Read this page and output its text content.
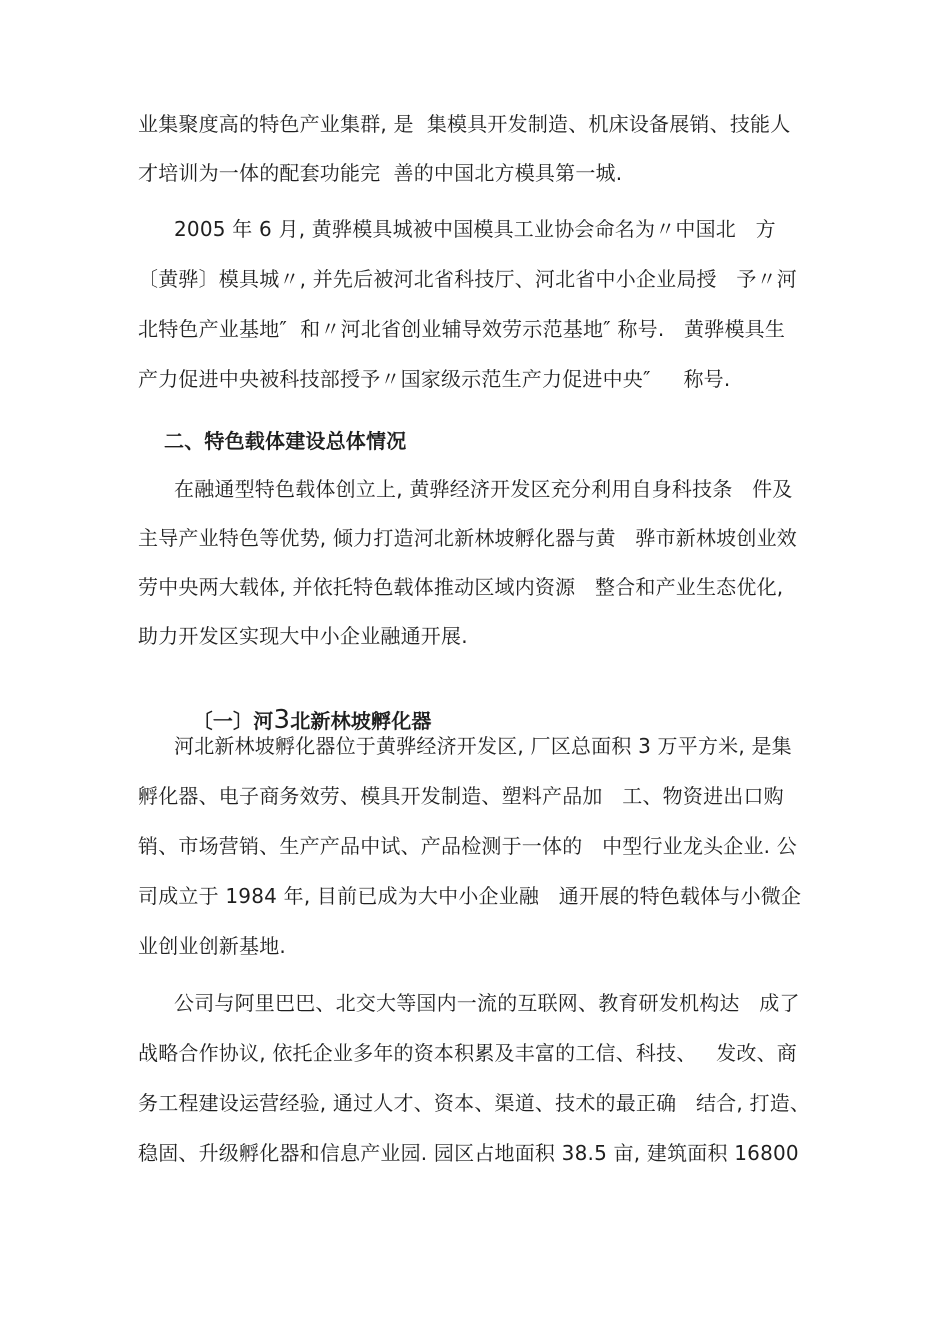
业集聚度高的特色产业集群, 是  集模具开发制造、机床设备展销、技能人
才培训为一体的配套功能完  善的中国北方模具第一城.
2005 年 6 月, 黄骅模具城被中国模具工业协会命名为〃中国北   方
〔黄骅〕模具城〃, 并先后被河北省科技厅、河北省中小企业局授   予〃河
北特色产业基地″  和〃河北省创业辅导效劳示范基地″ 称号.   黄骅模具生
产力促进中央被科技部授予〃国家级示范生产力促进中央″     称号.
二、特色载体建设总体情况
在融通型特色载体创立上, 黄骅经济开发区充分利用自身科技条   件及
主导产业特色等优势, 倾力打造河北新林坡孵化器与黄   骅市新林坡创业效
劳中央两大载体, 并依托特色载体推动区域内资源   整合和产业生态优化,
助力开发区实现大中小企业融通开展.

〔一〕河3北新林坡孵化器

河北新林坡孵化器位于黄骅经济开发区, 厂区总面积 3 万平方米, 是集
孵化器、电子商务效劳、模具开发制造、塑料产品加   工、物资进出口购
销、市场营销、生产产品中试、产品检测于一体的   中型行业龙头企业. 公
司成立于 1984 年, 目前已成为大中小企业融   通开展的特色载体与小微企
业创业创新基地.
公司与阿里巴巴、北交大等国内一流的互联网、教育研发机构达   成了
战略合作协议, 依托企业多年的资本积累及丰富的工信、科技、   发改、商
务工程建设运营经验, 通过人才、资本、渠道、技术的最正确   结合, 打造、
稳固、升级孵化器和信息产业园. 园区占地面积 38.5 亩, 建筑面积 16800
